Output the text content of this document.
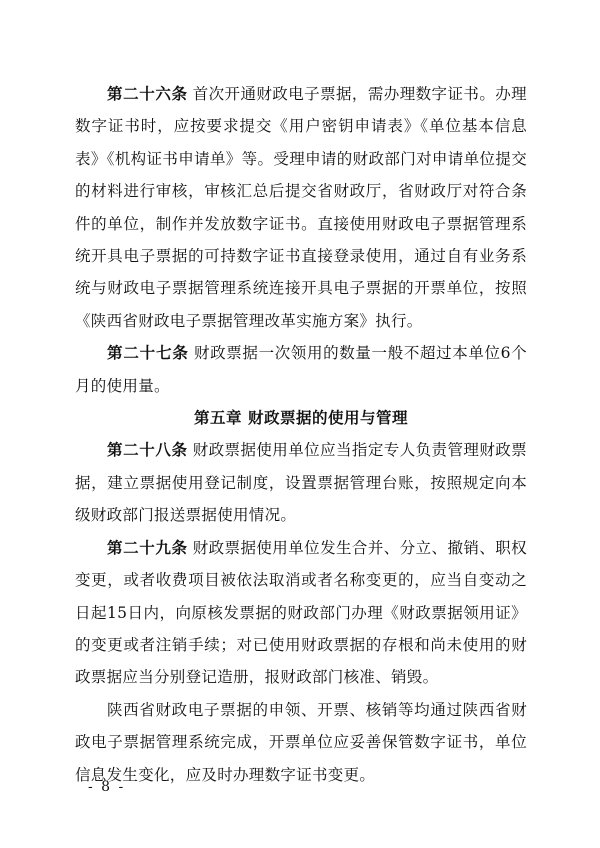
第二十六条 首次开通财政电子票据，需办理数字证书。办理数字证书时，应按要求提交《用户密钥申请表》《单位基本信息表》《机构证书申请单》等。受理申请的财政部门对申请单位提交的材料进行审核，审核汇总后提交省财政厅，省财政厅对符合条件的单位，制作并发放数字证书。直接使用财政电子票据管理系统开具电子票据的可持数字证书直接登录使用，通过自有业务系统与财政电子票据管理系统连接开具电子票据的开票单位，按照《陕西省财政电子票据管理改革实施方案》执行。

第二十七条 财政票据一次领用的数量一般不超过本单位6个月的使用量。

第五章 财政票据的使用与管理

第二十八条 财政票据使用单位应当指定专人负责管理财政票据，建立票据使用登记制度，设置票据管理台账，按照规定向本级财政部门报送票据使用情况。

第二十九条 财政票据使用单位发生合并、分立、撤销、职权变更，或者收费项目被依法取消或者名称变更的，应当自变动之日起15日内，向原核发票据的财政部门办理《财政票据领用证》的变更或者注销手续；对已使用财政票据的存根和尚未使用的财政票据应当分别登记造册，报财政部门核准、销毁。

陕西省财政电子票据的申领、开票、核销等均通过陕西省财政电子票据管理系统完成，开票单位应妥善保管数字证书，单位信息发生变化，应及时办理数字证书变更。

- 8 -
